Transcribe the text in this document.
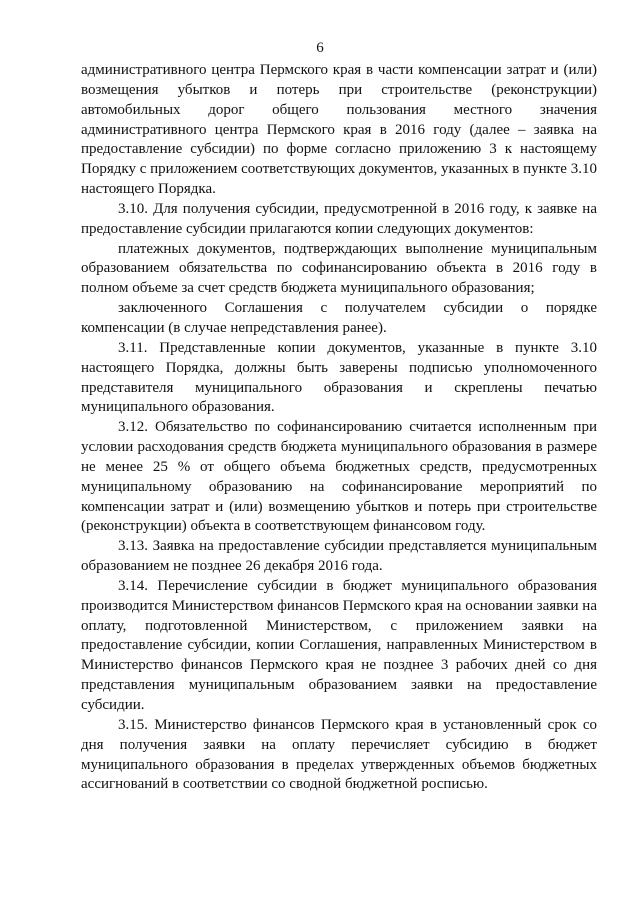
6

административного центра Пермского края в части компенсации затрат и (или) возмещения убытков и потерь при строительстве (реконструкции) автомобильных дорог общего пользования местного значения административного центра Пермского края в 2016 году (далее – заявка на предоставление субсидии) по форме согласно приложению 3 к настоящему Порядку с приложением соответствующих документов, указанных в пункте 3.10 настоящего Порядка.

3.10. Для получения субсидии, предусмотренной в 2016 году, к заявке на предоставление субсидии прилагаются копии следующих документов:

платежных документов, подтверждающих выполнение муниципальным образованием обязательства по софинансированию объекта в 2016 году в полном объеме за счет средств бюджета муниципального образования;

заключенного Соглашения с получателем субсидии о порядке компенсации (в случае непредставления ранее).

3.11. Представленные копии документов, указанные в пункте 3.10 настоящего Порядка, должны быть заверены подписью уполномоченного представителя муниципального образования и скреплены печатью муниципального образования.

3.12. Обязательство по софинансированию считается исполненным при условии расходования средств бюджета муниципального образования в размере не менее 25 % от общего объема бюджетных средств, предусмотренных муниципальному образованию на софинансирование мероприятий по компенсации затрат и (или) возмещению убытков и потерь при строительстве (реконструкции) объекта в соответствующем финансовом году.

3.13. Заявка на предоставление субсидии представляется муниципальным образованием не позднее 26 декабря 2016 года.

3.14. Перечисление субсидии в бюджет муниципального образования производится Министерством финансов Пермского края на основании заявки на оплату, подготовленной Министерством, с приложением заявки на предоставление субсидии, копии Соглашения, направленных Министерством в Министерство финансов Пермского края не позднее 3 рабочих дней со дня представления муниципальным образованием заявки на предоставление субсидии.

3.15. Министерство финансов Пермского края в установленный срок со дня получения заявки на оплату перечисляет субсидию в бюджет муниципального образования в пределах утвержденных объемов бюджетных ассигнований в соответствии со сводной бюджетной росписью.
